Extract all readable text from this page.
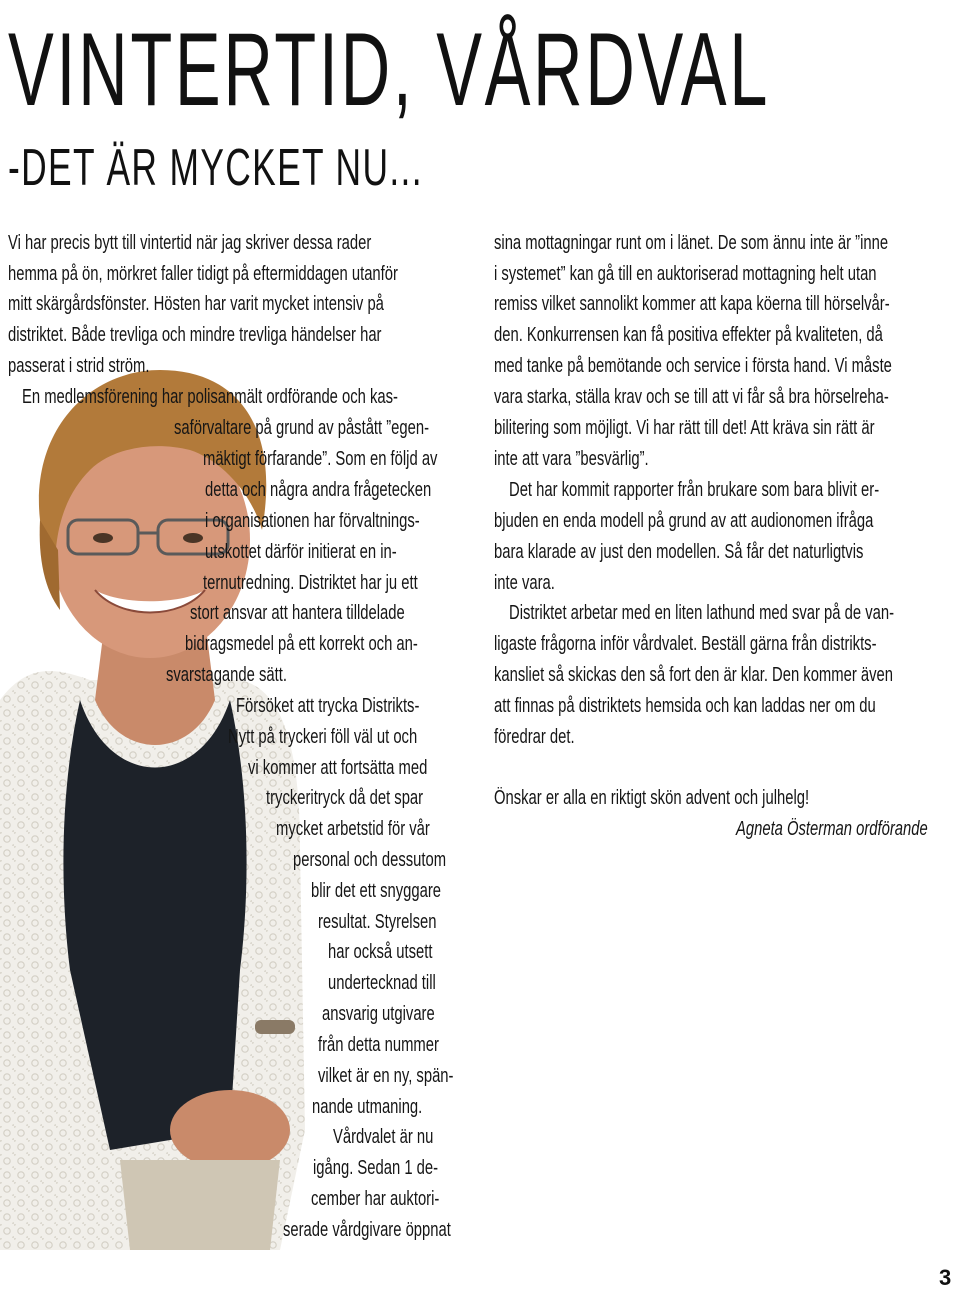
VINTERTID, VÅRDVAL
-DET ÄR MYCKET NU...
Vi har precis bytt till vintertid när jag skriver dessa rader
hemma på ön, mörkret faller tidigt på eftermiddagen utanför
mitt skärgårdsfönster. Hösten har varit mycket intensiv på
distriktet. Både trevliga och mindre trevliga händelser har
passerat i strid ström.
En medlemsförening har polisanmält ordförande och kas-
saförvaltare på grund av påstått ”egen-
mäktigt förfarande”. Som en följd av
detta och några andra frågetecken
i organisationen har förvaltnings-
utskottet därför initierat en in-
ternutredning. Distriktet har ju ett
stort ansvar att hantera tilldelade
bidragsmedel på ett korrekt och an-
svarstagande sätt.
Försöket att trycka Distrikts-
Nytt på tryckeri föll väl ut och
vi kommer att fortsätta med
tryckeritryck då det spar
mycket arbetstid för vår
personal och dessutom
blir det ett snyggare
resultat. Styrelsen
har också utsett
undertecknad till
ansvarig utgivare
från detta nummer
vilket är en ny, spän-
nande utmaning.
Vårdvalet är nu
igång. Sedan 1 de-
cember har auktori-
serade vårdgivare öppnat
sina mottagningar runt om i länet. De som ännu inte är ”inne
i systemet” kan gå till en auktoriserad mottagning helt utan
remiss vilket sannolikt kommer att kapa köerna till hörselvår-
den. Konkurrensen kan få positiva effekter på kvaliteten, då
med tanke på bemötande och service i första hand. Vi måste
vara starka, ställa krav och se till att vi får så bra hörselreha-
bilitering som möjligt. Vi har rätt till det! Att kräva sin rätt är
inte att vara ”besvärlig”.
Det har kommit rapporter från brukare som bara blivit er-
bjuden en enda modell på grund av att audionomen ifråga
bara klarade av just den modellen. Så får det naturligtvis
inte vara.
Distriktet arbetar med en liten lathund med svar på de van-
ligaste frågorna inför vårdvalet. Beställ gärna från distrikts-
kansliet så skickas den så fort den är klar. Den kommer även
att finnas på distriktets hemsida och kan laddas ner om du
föredrar det.
Önskar er alla en riktigt skön advent och julhelg!
Agneta Österman ordförande
3
